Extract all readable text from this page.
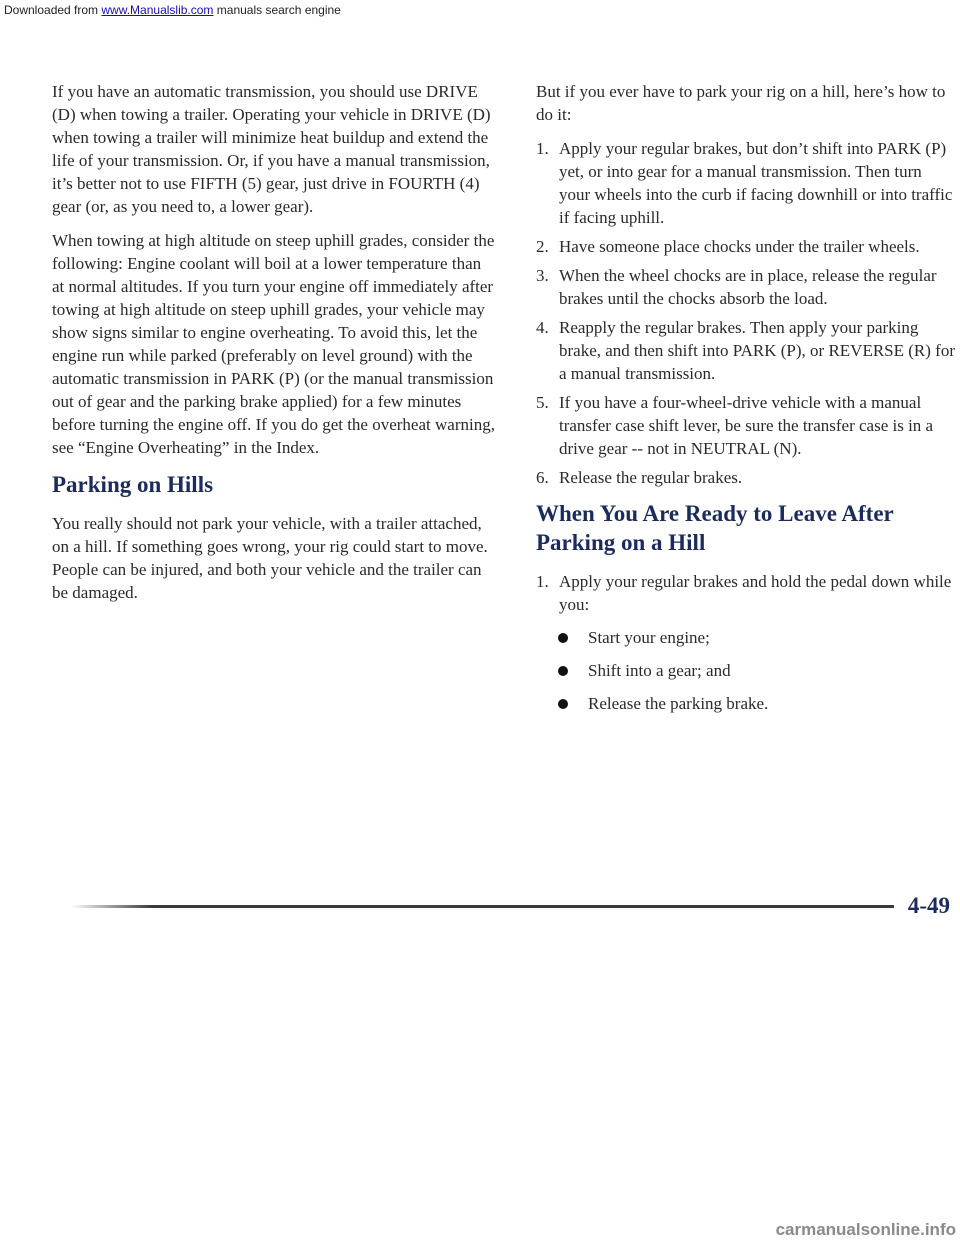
Downloaded from www.Manualslib.com manuals search engine

If you have an automatic transmission, you should use DRIVE (D) when towing a trailer. Operating your vehicle in DRIVE (D) when towing a trailer will minimize heat buildup and extend the life of your transmission. Or, if you have a manual transmission, it’s better not to use FIFTH (5) gear, just drive in FOURTH (4) gear (or, as you need to, a lower gear).

When towing at high altitude on steep uphill grades, consider the following: Engine coolant will boil at a lower temperature than at normal altitudes. If you turn your engine off immediately after towing at high altitude on steep uphill grades, your vehicle may show signs similar to engine overheating. To avoid this, let the engine run while parked (preferably on level ground) with the automatic transmission in PARK (P) (or the manual transmission out of gear and the parking brake applied) for a few minutes before turning the engine off. If you do get the overheat warning, see “Engine Overheating” in the Index.

Parking on Hills

You really should not park your vehicle, with a trailer attached, on a hill. If something goes wrong, your rig could start to move. People can be injured, and both your vehicle and the trailer can be damaged.

But if you ever have to park your rig on a hill, here’s how to do it:

1. Apply your regular brakes, but don’t shift into PARK (P) yet, or into gear for a manual transmission. Then turn your wheels into the curb if facing downhill or into traffic if facing uphill.
2. Have someone place chocks under the trailer wheels.
3. When the wheel chocks are in place, release the regular brakes until the chocks absorb the load.
4. Reapply the regular brakes. Then apply your parking brake, and then shift into PARK (P), or REVERSE (R) for a manual transmission.
5. If you have a four-wheel-drive vehicle with a manual transfer case shift lever, be sure the transfer case is in a drive gear -- not in NEUTRAL (N).
6. Release the regular brakes.
When You Are Ready to Leave After Parking on a Hill
1. Apply your regular brakes and hold the pedal down while you:
Start your engine;
Shift into a gear; and
Release the parking brake.
4-49
carmanualsonline.info
